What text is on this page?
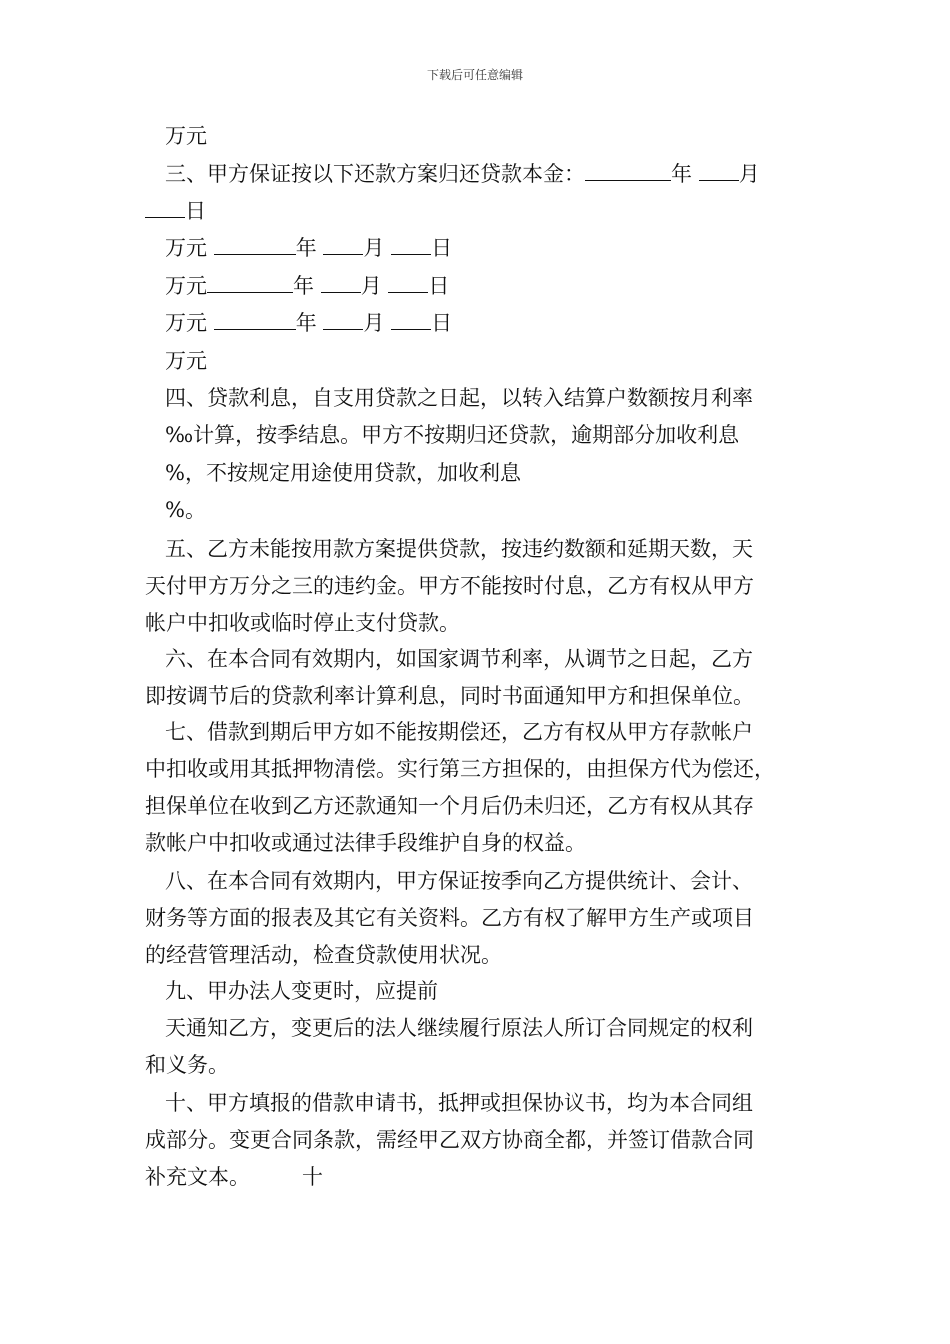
下载后可任意编辑
万元
三、甲方保证按以下还款方案归还贷款本金：	年 月
日
万元	年 月 日
万元	年 月 日
万元	年 月 日
万元
四、贷款利息，自支用贷款之日起，以转入结算户数额按月利率
‰计算，按季结息。甲方不按期归还贷款，逾期部分加收利息
%，不按规定用途使用贷款，加收利息
%。
五、乙方未能按用款方案提供贷款，按违约数额和延期天数，天
天付甲方万分之三的违约金。甲方不能按时付息，乙方有权从甲方
帐户中扣收或临时停止支付贷款。
六、在本合同有效期内，如国家调节利率，从调节之日起，乙方
即按调节后的贷款利率计算利息，同时书面通知甲方和担保单位。
七、借款到期后甲方如不能按期偿还，乙方有权从甲方存款帐户
中扣收或用其抵押物清偿。实行第三方担保的，由担保方代为偿还，
担保单位在收到乙方还款通知一个月后仍未归还，乙方有权从其存
款帐户中扣收或通过法律手段维护自身的权益。
八、在本合同有效期内，甲方保证按季向乙方提供统计、会计、
财务等方面的报表及其它有关资料。乙方有权了解甲方生产或项目
的经营管理活动，检查贷款使用状况。
九、甲办法人变更时，应提前
天通知乙方，变更后的法人继续履行原法人所订合同规定的权利
和义务。
十、甲方填报的借款申请书，抵押或担保协议书，均为本合同组
成部分。变更合同条款，需经甲乙双方协商全都，并签订借款合同
补充文本。 十
